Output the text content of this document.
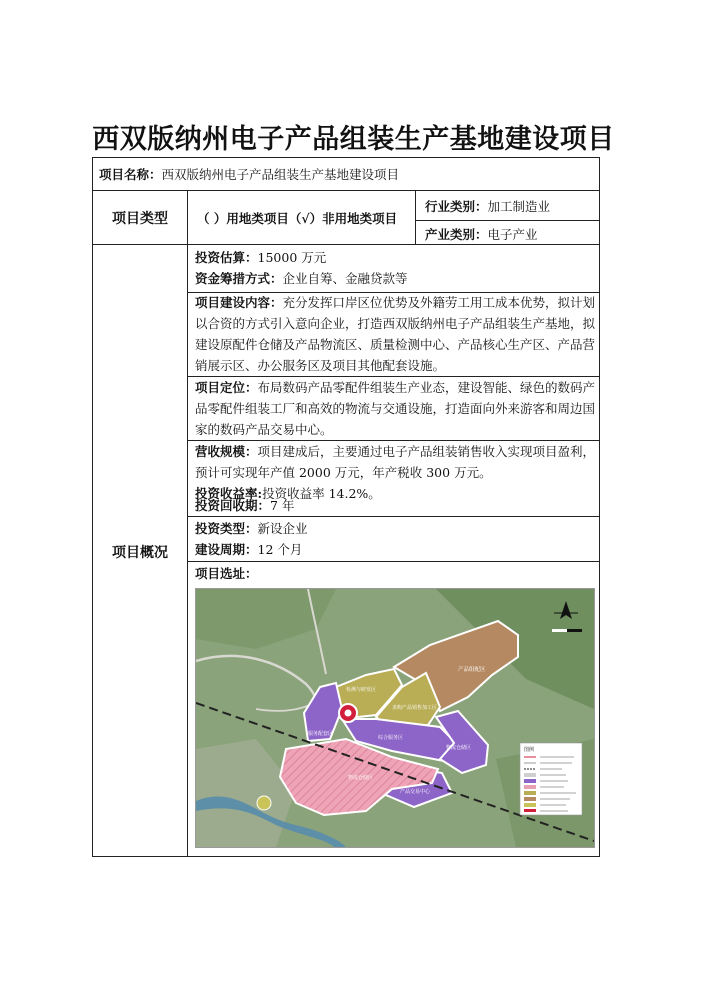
西双版纳州电子产品组装生产基地建设项目
项目名称：西双版纳州电子产品组装生产基地建设项目
项目类型	（ ）用地类项目（√）非用地类项目
行业类别：加工制造业
产业类别：电子产业
项目概况
投资估算：15000 万元
资金筹措方式：企业自筹、金融贷款等
项目建设内容：充分发挥口岸区位优势及外籍劳工用工成本优势，拟计划
以合资的方式引入意向企业，打造西双版纳州电子产品组装生产基地，拟
建设原配件仓储及产品物流区、质量检测中心、产品核心生产区、产品营
销展示区、办公服务区及项目其他配套设施。
项目定位：布局数码产品零配件组装生产业态，建设智能、绿色的数码产
品零配件组装工厂和高效的物流与交通设施，打造面向外来游客和周边国
家的数码产品交易中心。
营收规模：项目建成后，主要通过电子产品组装销售收入实现项目盈利，
预计可实现年产值 2000 万元，年产税收 300 万元。
投资收益率:投资收益率 14.2%。
投资回收期：7 年
投资类型：新设企业
建设周期：12 个月
项目选址：
产品组配区
检测与研发区
求购产品销售加工区
服务配套区
综合服务区
物流仓储区
产品交易中心
物流仓储区	图例
